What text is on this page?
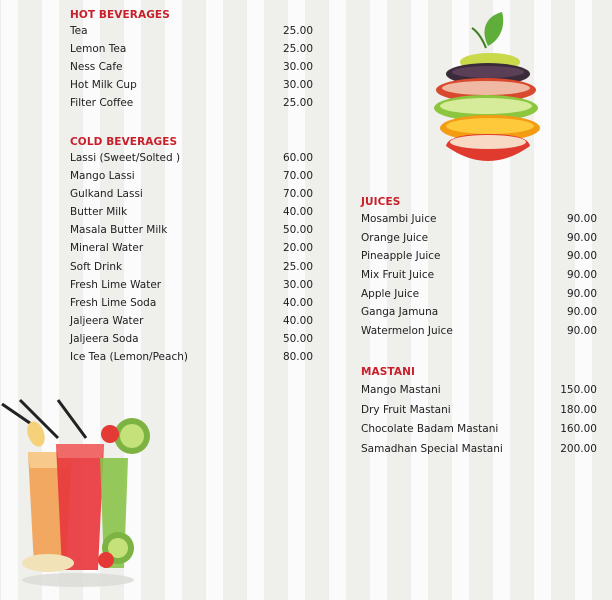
HOT BEVERAGES
Tea	25.00
Lemon Tea	25.00
Ness Cafe	30.00
Hot Milk Cup	30.00
Filter Coffee	25.00
COLD BEVERAGES
Lassi (Sweet/Solted )	60.00
Mango Lassi	70.00
Gulkand Lassi	70.00
Butter Milk	40.00
Masala Butter Milk	50.00
Mineral Water	20.00
Soft Drink	25.00
Fresh Lime Water	30.00
Fresh Lime Soda	40.00
Jaljeera Water	40.00
Jaljeera Soda	50.00
Ice Tea (Lemon/Peach)	80.00
JUICES
Mosambi Juice	90.00
Orange Juice	90.00
Pineapple Juice	90.00
Mix Fruit Juice	90.00
Apple Juice	90.00
Ganga Jamuna	90.00
Watermelon Juice	90.00
MASTANI
Mango Mastani	150.00
Dry Fruit Mastani	180.00
Chocolate Badam Mastani	160.00
Samadhan Special Mastani	200.00
